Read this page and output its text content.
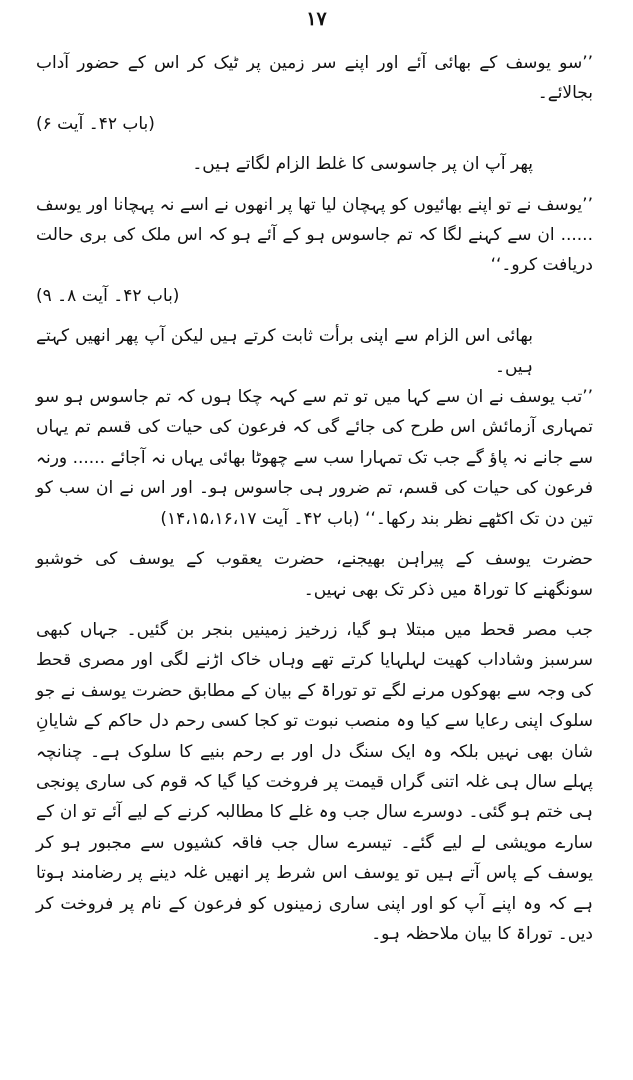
۱۷

’’سو یوسف کے بھائی آئے اور اپنے سر زمین پر ٹیک کر اس کے حضور آداب بجالائے۔

(باب ۴۲۔ آیت ۶)

پھر آپ ان پر جاسوسی کا غلط الزام لگاتے ہیں۔

’’یوسف نے تو اپنے بھائیوں کو پہچان لیا تھا پر انھوں نے اسے نہ پہچانا اور یوسف ...... ان سے کہنے لگا کہ تم جاسوس ہو کے آئے ہو کہ اس ملک کی بری حالت دریافت کرو۔‘‘

(باب ۴۲۔ آیت ۸۔ ۹)

بھائی اس الزام سے اپنی برأت ثابت کرتے ہیں لیکن آپ پھر انھیں کہتے ہیں۔

’’تب یوسف نے ان سے کہا میں تو تم سے کہہ چکا ہوں کہ تم جاسوس ہو سو تمہاری آزمائش اس طرح کی جائے گی کہ فرعون کی حیات کی قسم تم یہاں سے جانے نہ پاؤ گے جب تک تمہارا سب سے چھوٹا بھائی یہاں نہ آجائے ...... ورنہ فرعون کی حیات کی قسم، تم ضرور ہی جاسوس ہو۔ اور اس نے ان سب کو تین دن تک اکٹھے نظر بند رکھا۔‘‘ (باب ۴۲۔ آیت ۱۴،۱۵،۱۶،۱۷)

حضرت یوسف کے پیراہن بھیجنے، حضرت یعقوب کے یوسف کی خوشبو سونگھنے کا توراۃ میں ذکر تک بھی نہیں۔

جب مصر قحط میں مبتلا ہو گیا، زرخیز زمینیں بنجر بن گئیں۔ جہاں کبھی سرسبز وشاداب کھیت لہلہایا کرتے تھے وہاں خاک اڑنے لگی اور مصری قحط کی وجہ سے بھوکوں مرنے لگے تو توراۃ کے بیان کے مطابق حضرت یوسف نے جو سلوک اپنی رعایا سے کیا وہ منصب نبوت تو کجا کسی رحم دل حاکم کے شایانِ شان بھی نہیں بلکہ وہ ایک سنگ دل اور بے رحم بنیے کا سلوک ہے۔ چنانچہ پہلے سال ہی غلہ اتنی گراں قیمت پر فروخت کیا گیا کہ قوم کی ساری پونجی ہی ختم ہو گئی۔ دوسرے سال جب وہ غلے کا مطالبہ کرنے کے لیے آئے تو ان کے سارے مویشی لے لیے گئے۔ تیسرے سال جب فاقہ کشیوں سے مجبور ہو کر یوسف کے پاس آتے ہیں تو یوسف اس شرط پر انھیں غلہ دینے پر رضامند ہوتا ہے کہ وہ اپنے آپ کو اور اپنی ساری زمینوں کو فرعون کے نام پر فروخت کر دیں۔ توراۃ کا بیان ملاحظہ ہو۔
